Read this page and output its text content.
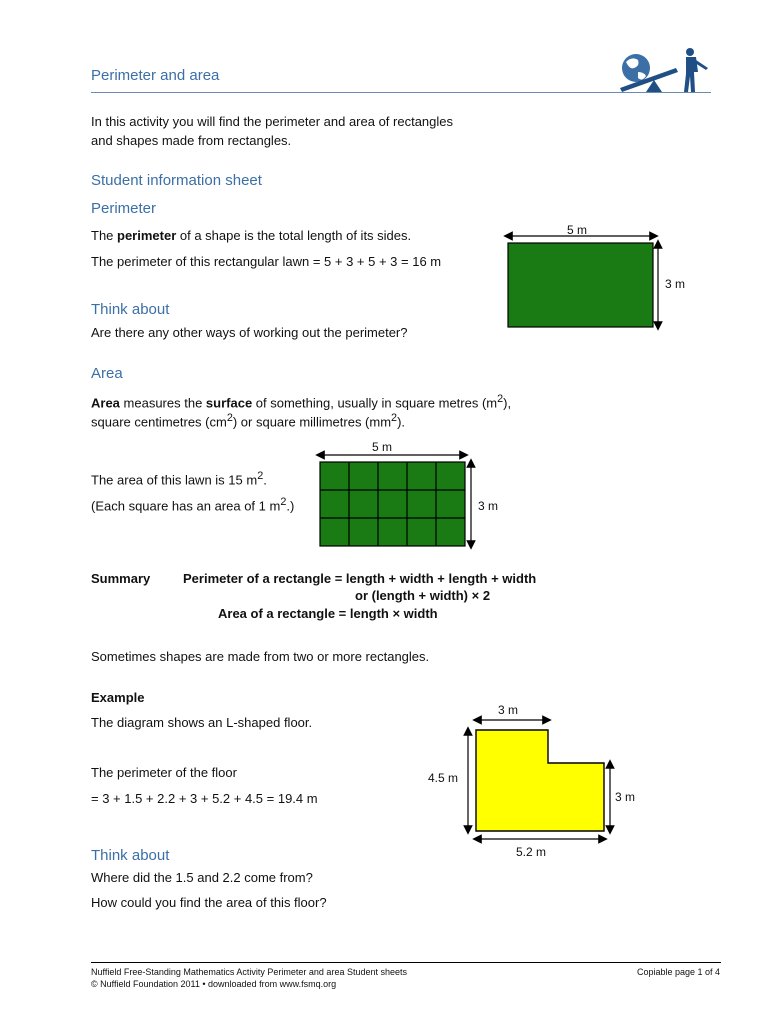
Perimeter and area
In this activity you will find the perimeter and area of rectangles
and shapes made from rectangles.
Student information sheet
Perimeter
The perimeter of a shape is the total length of its sides.
The perimeter of this rectangular lawn = 5 + 3 + 5 + 3 = 16 m
5 m
3 m
Think about
Are there any other ways of working out the perimeter?
Area
Area measures the surface of something, usually in square metres $(m^2)$,
square centimetres $(cm^2)$ or square millimetres $(mm^2)$.
The area of this lawn is 15 $m^2$.
(Each square has an area of 1 $m^2$.)
5 m
3 m
Summary	Perimeter of a rectangle = length + width + length + width
or (length + width) × 2
Area of a rectangle = length × width
Sometimes shapes are made from two or more rectangles.
Example
The diagram shows an L-shaped floor.
The perimeter of the floor
= 3 + 1.5 + 2.2 + 3 + 5.2 + 4.5 = 19.4 m
3 m
4.5 m
3 m
5.2 m
Think about
Where did the 1.5 and 2.2 come from?
How could you find the area of this floor?
Nuffield Free-Standing Mathematics Activity Perimeter and area Student sheets
© Nuffield Foundation 2011 • downloaded from www.fsmq.org
Copiable page 1 of 4
